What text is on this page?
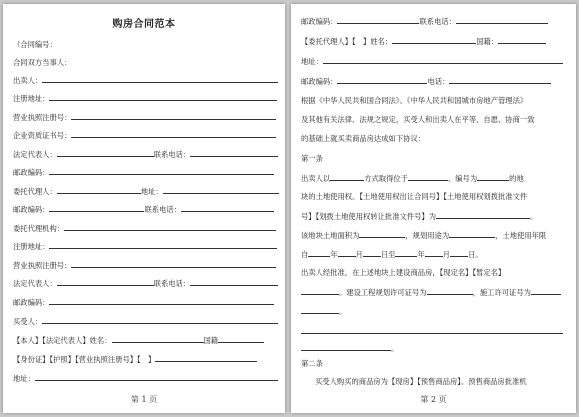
购房合同范本
（合同编号：
合同双方当事人：
出卖人：
注册地址：
营业执照注册号：
企业资质证书号：
法定代表人：	联系电话：
邮政编码：
委托代理人：	地址：
邮政编码：	联系电话：
委托代理机构：
注册地址：
营业执照注册号：
法定代表人：	联系电话：
邮政编码：
买受人：
【本人】【法定代表人】姓名：	国籍
【身份证】【护照】【营业执照注册号】【　】
地址：
第 1 页
邮政编码：	联系电话：
【委托代理人】【　】姓名：	国籍：
地址：
邮政编码：	电话：
根据《中华人民共和国合同法》、《中华人民共和国城市房地产管理法》
及其他有关法律、法规之规定，买受人和出卖人在平等、自愿、协商一致
的基础上就买卖商品房达成如下协议：
第一条
出卖人以	方式取得位于	、编号为	的地
块的土地使用权。【土地使用权出让合同号】【土地使用权划拨批准文件
号】【划拨土地使用权转让批准文件号】为	。
该地块土地面积为	，规划用途为	，土地使用年限
自	年 月 日至	年 月 日。
出卖人经批准，在上述地块上建设商品房，【现定名】【暂定名】
。建设工程规划许可证号为	，施工许可证号为
。
。
第二条
买受人购买的商品房为【现房】【预售商品房】。预售商品房批准机
第 2 页
